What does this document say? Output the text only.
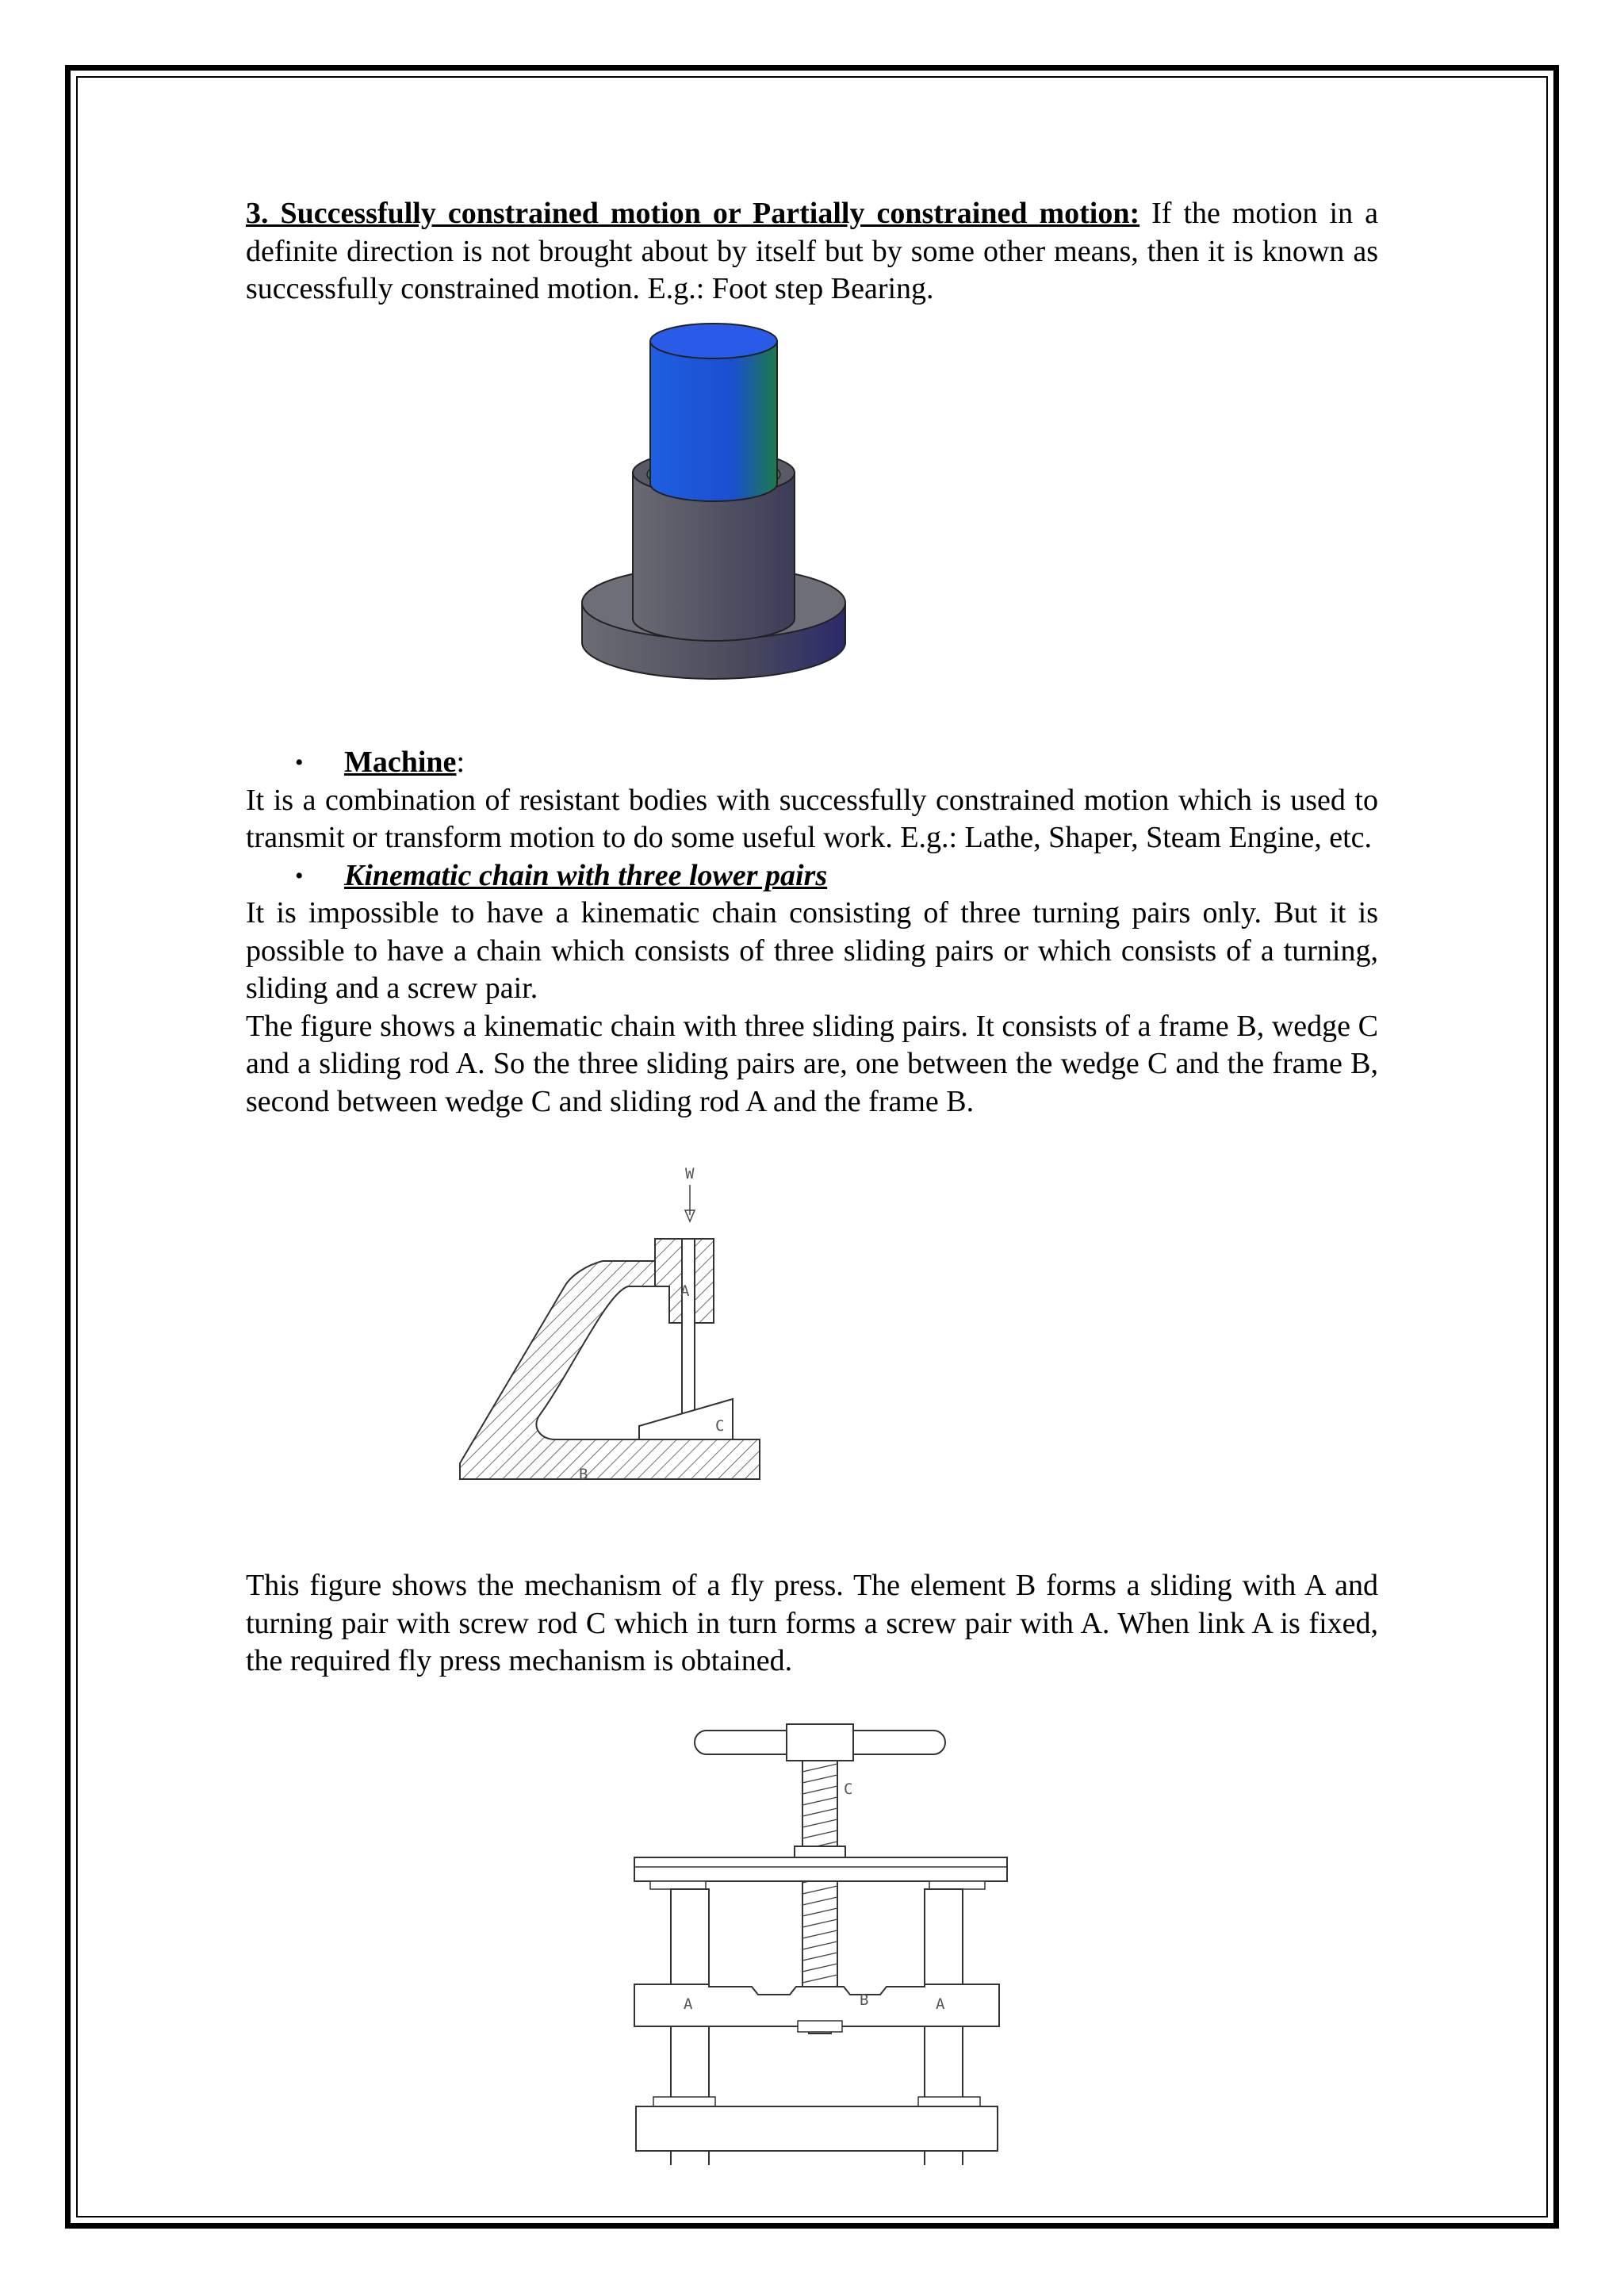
3. Successfully constrained motion or Partially constrained motion: If the motion in a definite direction is not brought about by itself but by some other means, then it is known as successfully constrained motion. E.g.: Foot step Bearing.

• Machine:

It is a combination of resistant bodies with successfully constrained motion which is used to transmit or transform motion to do some useful work. E.g.: Lathe, Shaper, Steam Engine, etc.

• Kinematic chain with three lower pairs

It is impossible to have a kinematic chain consisting of three turning pairs only. But it is possible to have a chain which consists of three sliding pairs or which consists of a turning, sliding and a screw pair.

The figure shows a kinematic chain with three sliding pairs. It consists of a frame B, wedge C and a sliding rod A. So the three sliding pairs are, one between the wedge C and the frame B, second between wedge C and sliding rod A and the frame B.

W
A
C
B

This figure shows the mechanism of a fly press. The element B forms a sliding with A and turning pair with screw rod C which in turn forms a screw pair with A. When link A is fixed, the required fly press mechanism is obtained.

C
A	B	A
